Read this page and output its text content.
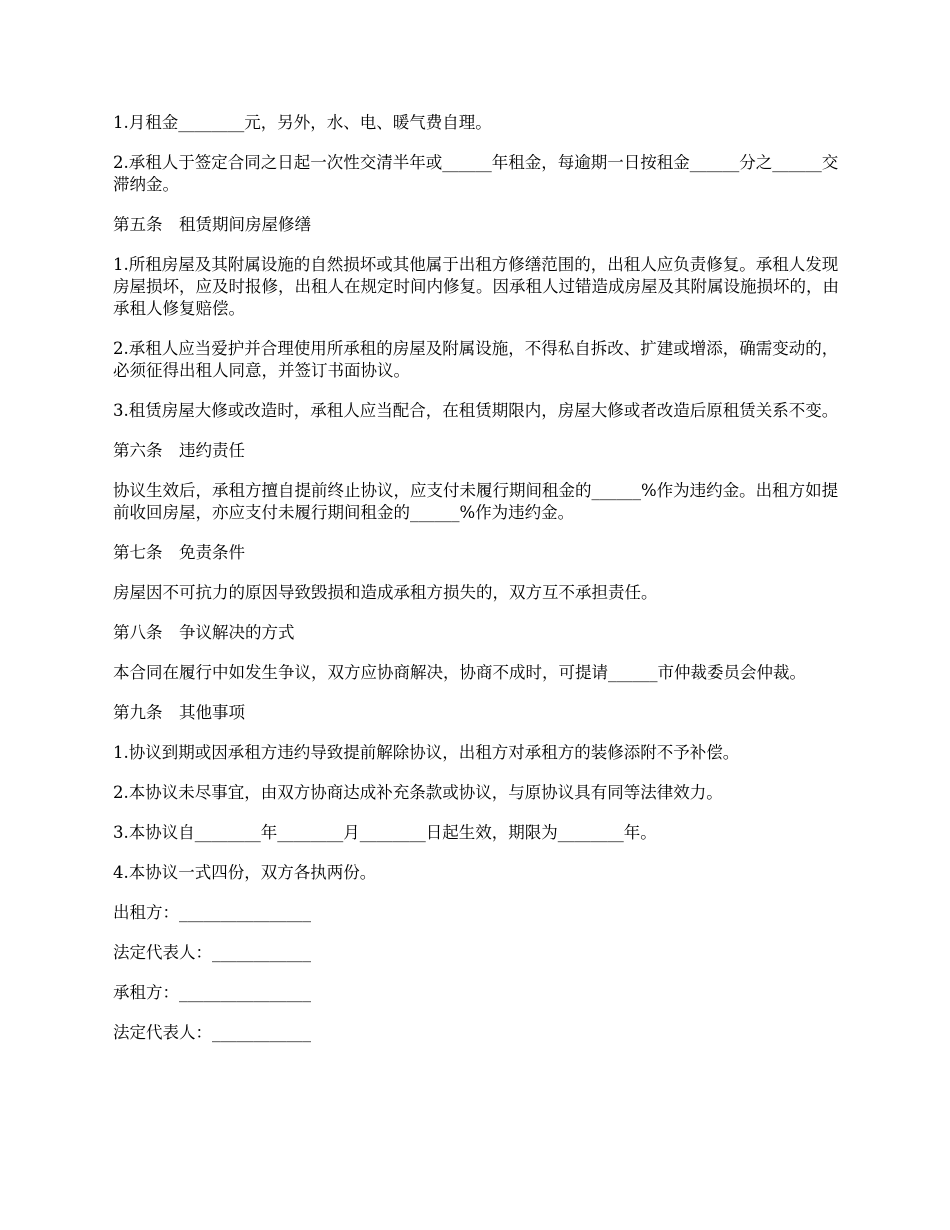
1.月租金________元，另外，水、电、暖气费自理。

2.承租人于签定合同之日起一次性交清半年或______年租金，每逾期一日按租金______分之______交滞纳金。

第五条　租赁期间房屋修缮

1.所租房屋及其附属设施的自然损坏或其他属于出租方修缮范围的，出租人应负责修复。承租人发现房屋损坏，应及时报修，出租人在规定时间内修复。因承租人过错造成房屋及其附属设施损坏的，由承租人修复赔偿。

2.承租人应当爱护并合理使用所承租的房屋及附属设施，不得私自拆改、扩建或增添，确需变动的，必须征得出租人同意，并签订书面协议。

3.租赁房屋大修或改造时，承租人应当配合，在租赁期限内，房屋大修或者改造后原租赁关系不变。

第六条　违约责任

协议生效后，承租方擅自提前终止协议，应支付未履行期间租金的______%作为违约金。出租方如提前收回房屋，亦应支付未履行期间租金的______%作为违约金。

第七条　免责条件

房屋因不可抗力的原因导致毁损和造成承租方损失的，双方互不承担责任。

第八条　争议解决的方式

本合同在履行中如发生争议，双方应协商解决，协商不成时，可提请______市仲裁委员会仲裁。

第九条　其他事项

1.协议到期或因承租方违约导致提前解除协议，出租方对承租方的装修添附不予补偿。

2.本协议未尽事宜，由双方协商达成补充条款或协议，与原协议具有同等法律效力。

3.本协议自________年________月________日起生效，期限为________年。

4.本协议一式四份，双方各执两份。

出租方：________________

法定代表人：____________

承租方：________________

法定代表人：____________
